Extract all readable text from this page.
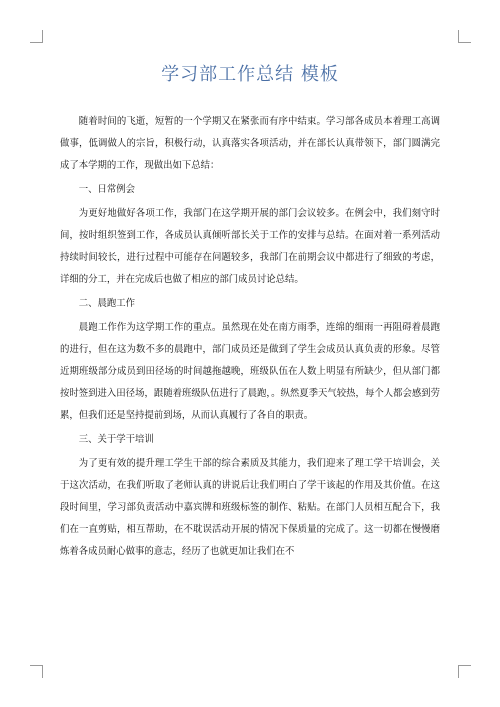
学习部工作总结 模板

随着时间的飞逝，短暂的一个学期又在紧张而有序中结束。学习部各成员本着理工高调做事，低调做人的宗旨，积极行动，认真落实各项活动，并在部长认真带领下，部门圆满完成了本学期的工作，现做出如下总结：

一、日常例会

为更好地做好各项工作，我部门在这学期开展的部门会议较多。在例会中，我们刻守时间，按时组织签到工作，各成员认真倾听部长关于工作的安排与总结。在面对着一系列活动持续时间较长，进行过程中可能存在问题较多，我部门在前期会议中都进行了细致的考虑，详细的分工，并在完成后也做了相应的部门成员讨论总结。

二、晨跑工作

晨跑工作作为这学期工作的重点。虽然现在处在南方雨季，连绵的细雨一再阻碍着晨跑的进行，但在这为数不多的晨跑中，部门成员还是做到了学生会成员认真负责的形象。尽管近期班级部分成员到田径场的时间越拖越晚，班级队伍在人数上明显有所缺少，但从部门都按时签到进入田径场，跟随着班级队伍进行了晨跑，。纵然夏季天气较热，每个人都会感到劳累，但我们还是坚持提前到场，从而认真履行了各自的职责。

三、关于学干培训

为了更有效的提升理工学生干部的综合素质及其能力，我们迎来了理工学干培训会，关于这次活动，在我们听取了老师认真的讲说后让我们明白了学干该起的作用及其价值。在这段时间里，学习部负责活动中嘉宾牌和班级标签的制作、粘贴。在部门人员相互配合下，我们在一直剪贴，相互帮助，在不耽误活动开展的情况下保质量的完成了。这一切都在慢慢磨炼着各成员耐心做事的意志，经历了也就更加让我们在不
